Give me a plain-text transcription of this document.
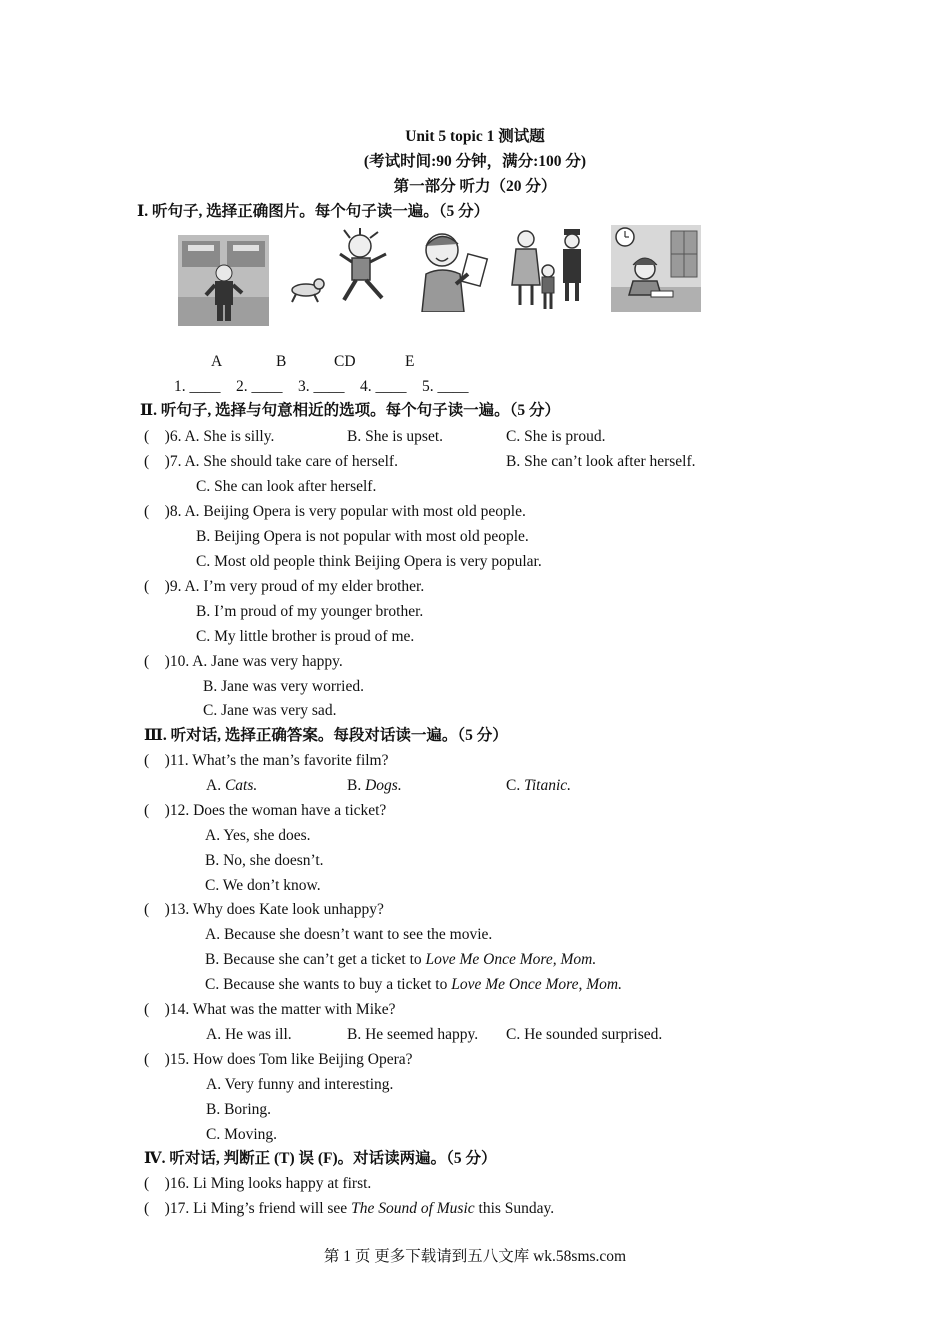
Unit 5 topic 1 测试题
(考试时间:90 分钟，满分:100 分)
第一部分 听力（20 分）
Ⅰ. 听句子, 选择正确图片。每个句子读一遍。（5 分）
A	B	CD	E
1. ____    2. ____    3. ____    4. ____    5. ____
Ⅱ. 听句子, 选择与句意相近的选项。每个句子读一遍。（5 分）
(    )6. A. She is silly.	B. She is upset.	C. She is proud.
(    )7. A. She should take care of herself.	B. She can’t look after herself.
C. She can look after herself.
(    )8. A. Beijing Opera is very popular with most old people.
B. Beijing Opera is not popular with most old people.
C. Most old people think Beijing Opera is very popular.
(    )9. A. I’m very proud of my elder brother.
B. I’m proud of my younger brother.
C. My little brother is proud of me.
(    )10. A. Jane was very happy.
B. Jane was very worried.
C. Jane was very sad.
Ⅲ. 听对话, 选择正确答案。每段对话读一遍。（5 分）
(    )11. What’s the man’s favorite film?
A. Cats.	B. Dogs.	C. Titanic.
(    )12. Does the woman have a ticket?
A. Yes, she does.
B. No, she doesn’t.
C. We don’t know.
(    )13. Why does Kate look unhappy?
A. Because she doesn’t want to see the movie.
B. Because she can’t get a ticket to Love Me Once More, Mom.
C. Because she wants to buy a ticket to Love Me Once More, Mom.
(    )14. What was the matter with Mike?
A. He was ill.	B. He seemed happy. C. He sounded surprised.
(    )15. How does Tom like Beijing Opera?
A. Very funny and interesting.
B. Boring.
C. Moving.
Ⅳ. 听对话, 判断正 (T) 误 (F)。对话读两遍。（5 分）
(    )16. Li Ming looks happy at first.
(    )17. Li Ming’s friend will see The Sound of Music this Sunday.
第 1 页 更多下载请到五八文库 wk.58sms.com
